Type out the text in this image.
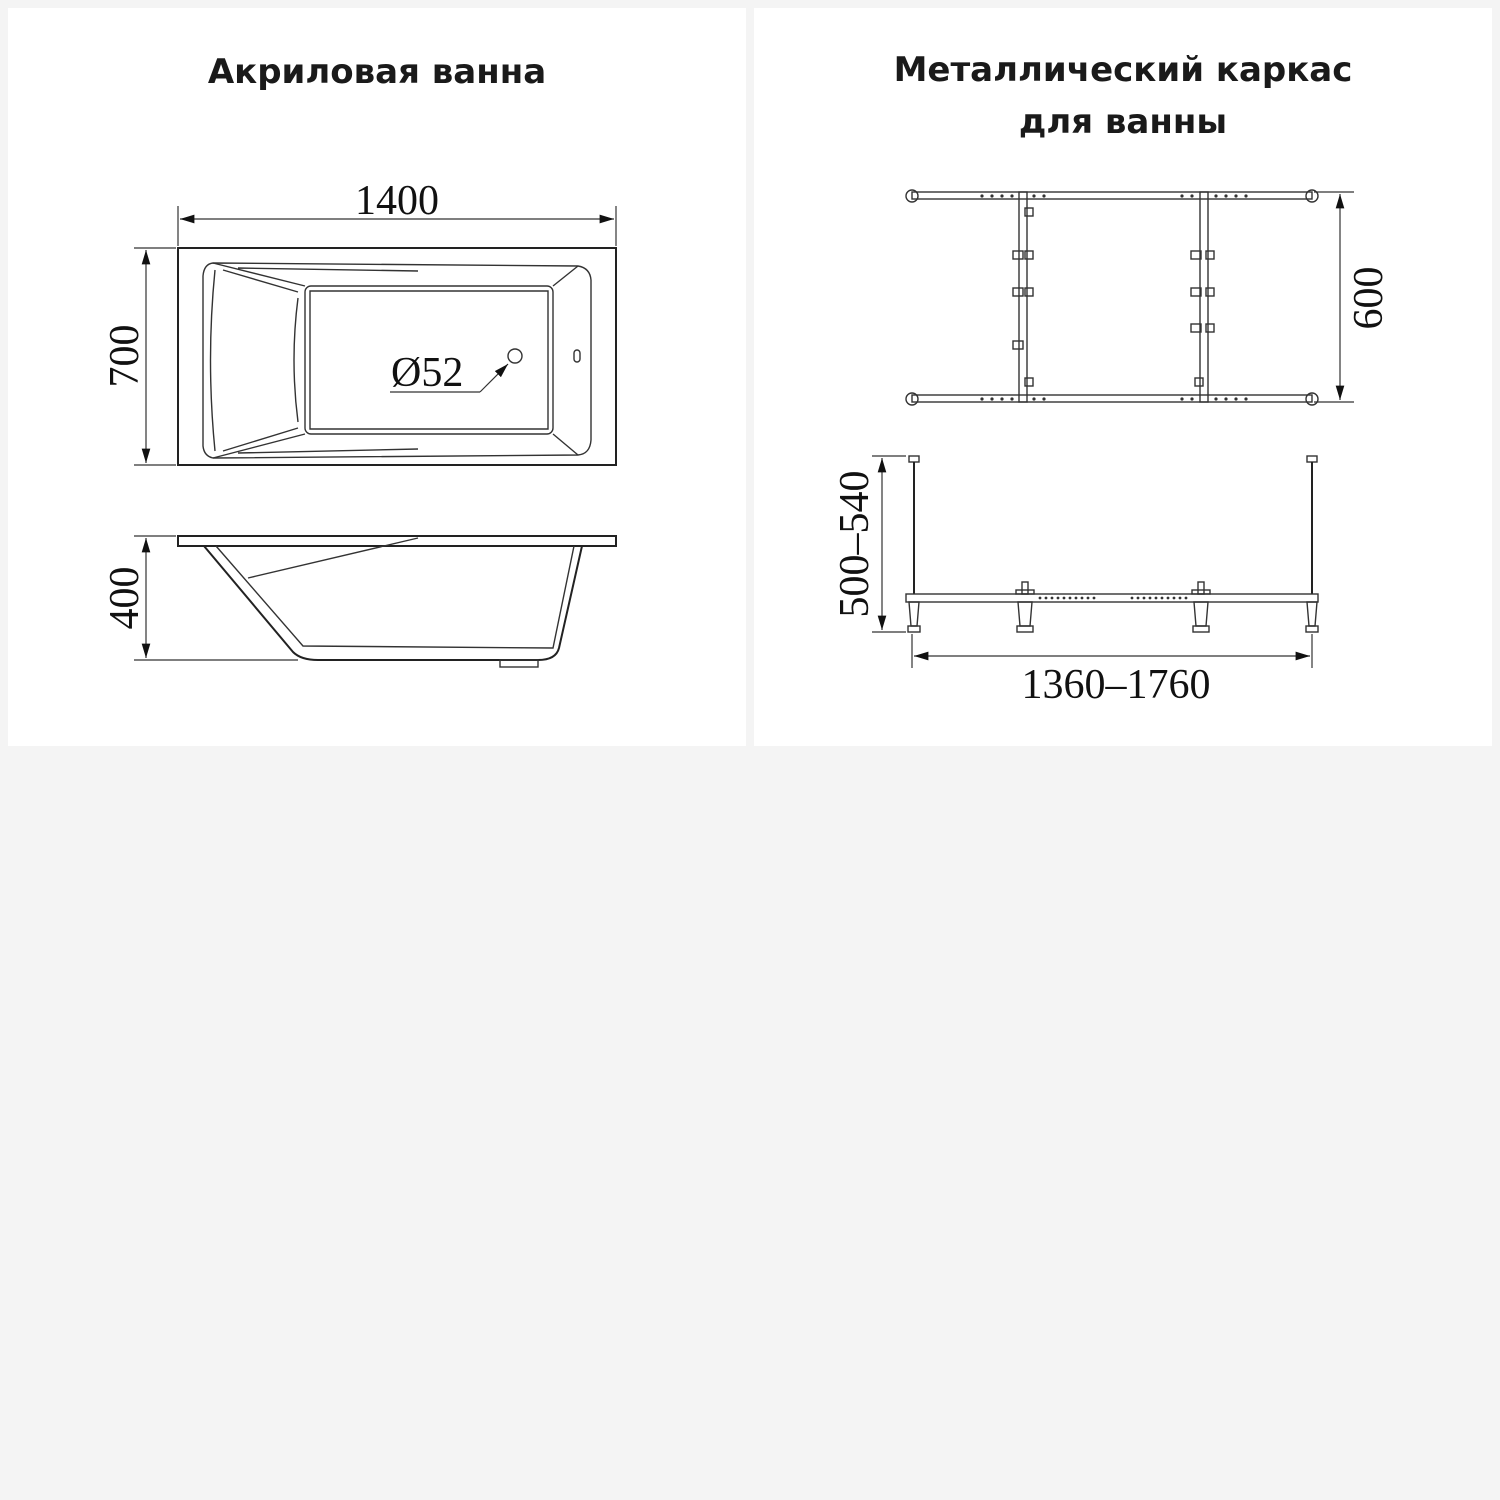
Акриловая ванна
Ø52
1400
700
400
Металлический каркас
для ванны
600
500–540
1360–1760
